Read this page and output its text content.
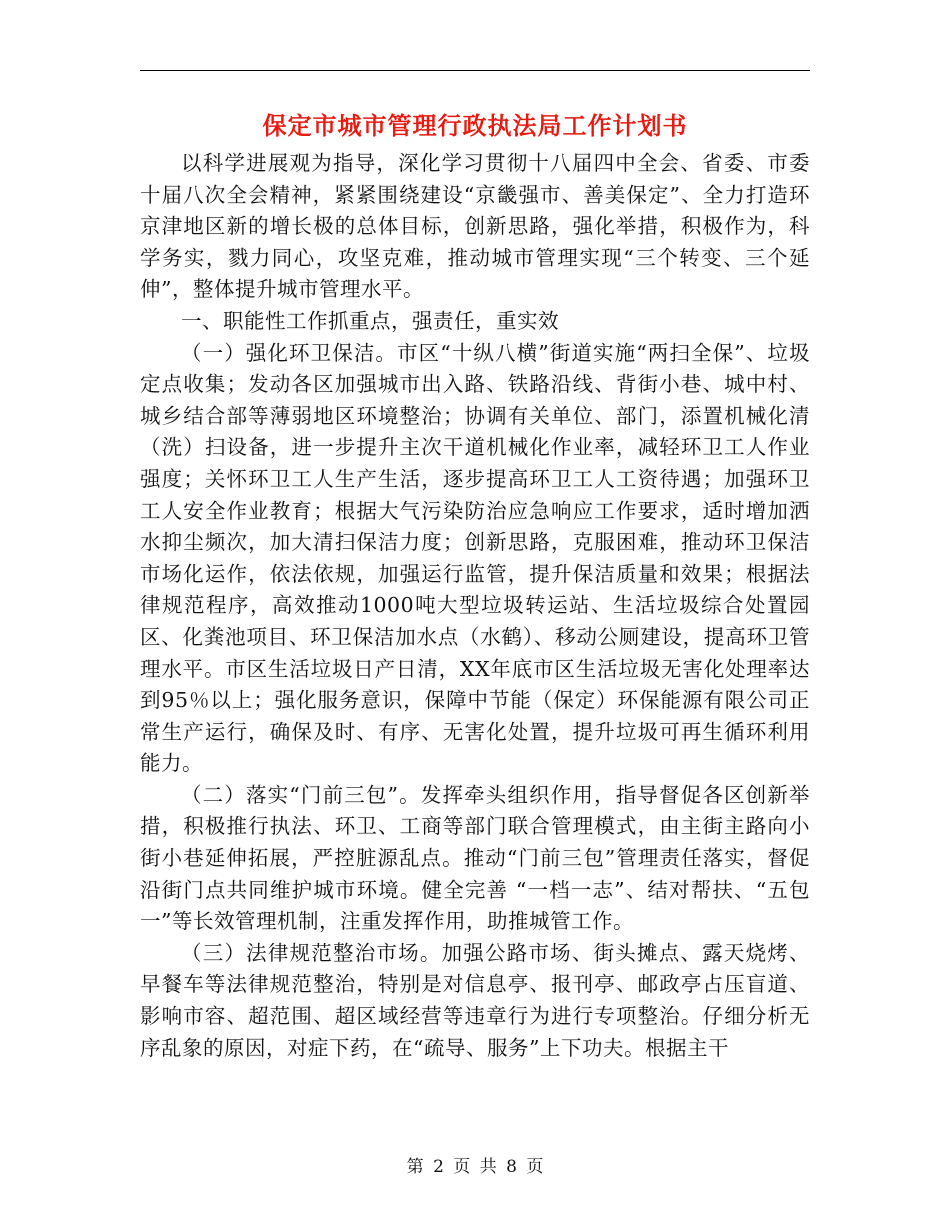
保定市城市管理行政执法局工作计划书

以科学进展观为指导，深化学习贯彻十八届四中全会、省委、市委十届八次全会精神，紧紧围绕建设“京畿强市、善美保定”、全力打造环京津地区新的增长极的总体目标，创新思路，强化举措，积极作为，科学务实，戮力同心，攻坚克难，推动城市管理实现“三个转变、三个延伸”，整体提升城市管理水平。

一、职能性工作抓重点，强责任，重实效

（一）强化环卫保洁。市区“十纵八横”街道实施“两扫全保”、垃圾定点收集；发动各区加强城市出入路、铁路沿线、背街小巷、城中村、城乡结合部等薄弱地区环境整治；协调有关单位、部门，添置机械化清（洗）扫设备，进一步提升主次干道机械化作业率，减轻环卫工人作业强度；关怀环卫工人生产生活，逐步提高环卫工人工资待遇；加强环卫工人安全作业教育；根据大气污染防治应急响应工作要求，适时增加洒水抑尘频次，加大清扫保洁力度；创新思路，克服困难，推动环卫保洁市场化运作，依法依规，加强运行监管，提升保洁质量和效果；根据法律规范程序，高效推动1000吨大型垃圾转运站、生活垃圾综合处置园区、化粪池项目、环卫保洁加水点（水鹤）、移动公厕建设，提高环卫管理水平。市区生活垃圾日产日清，XX年底市区生活垃圾无害化处理率达到95％以上；强化服务意识，保障中节能（保定）环保能源有限公司正常生产运行，确保及时、有序、无害化处置，提升垃圾可再生循环利用能力。

（二）落实“门前三包”。发挥牵头组织作用，指导督促各区创新举措，积极推行执法、环卫、工商等部门联合管理模式，由主街主路向小街小巷延伸拓展，严控脏源乱点。推动“门前三包”管理责任落实，督促沿街门点共同维护城市环境。健全完善 “一档一志”、结对帮扶、“五包一”等长效管理机制，注重发挥作用，助推城管工作。

（三）法律规范整治市场。加强公路市场、街头摊点、露天烧烤、早餐车等法律规范整治，特别是对信息亭、报刊亭、邮政亭占压盲道、影响市容、超范围、超区域经营等违章行为进行专项整治。仔细分析无序乱象的原因，对症下药，在“疏导、服务”上下功夫。根据主干

第 2 页 共 8 页
